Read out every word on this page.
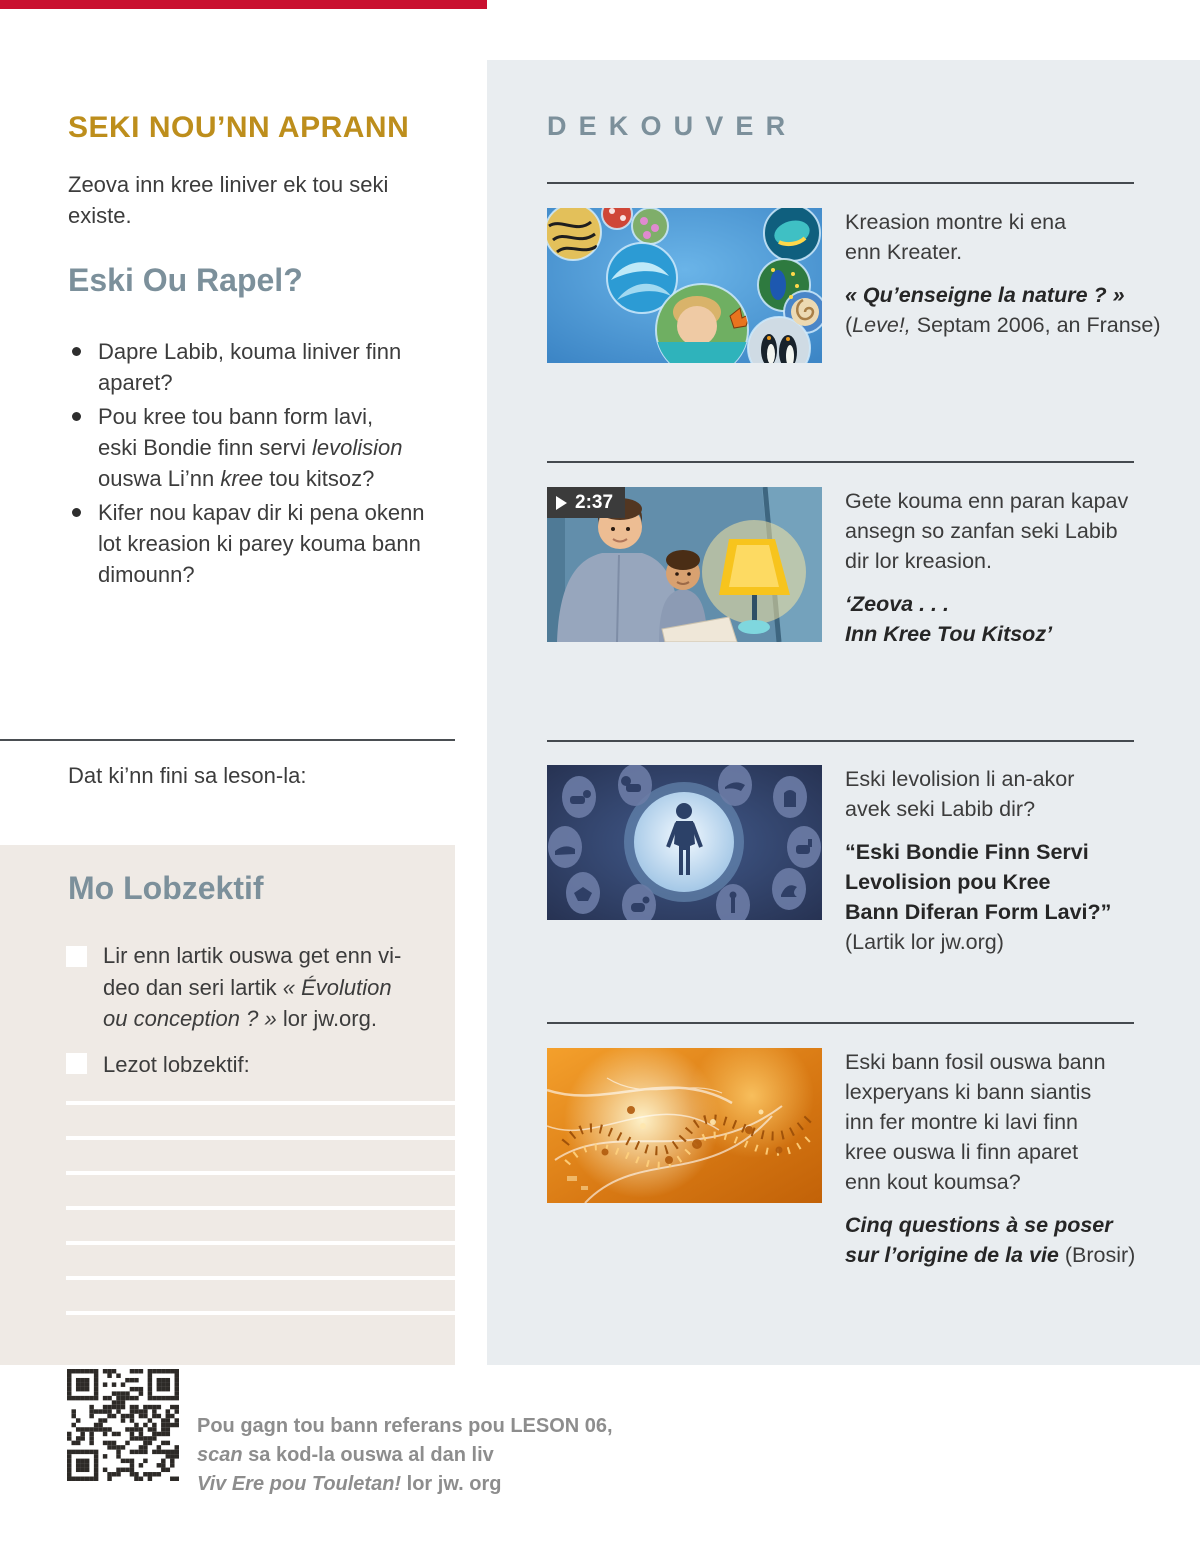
SEKI NOU’NN APRANN
Zeova inn kree liniver ek tou seki
existe.
Eski Ou Rapel?
Dapre Labib, kouma liniver finn
aparet?
Pou kree tou bann form lavi,
eski Bondie finn servi levolision
ouswa Li’nn kree tou kitsoz?
Kifer nou kapav dir ki pena okenn
lot kreasion ki parey kouma bann
dimounn?
Dat ki’nn fini sa leson-la:
Mo Lobzektif
Lir enn lartik ouswa get enn vi-
deo dan seri lartik « Évolution
ou conception ? » lor jw.org.
Lezot lobzektif:
Pou gagn tou bann referans pou LESON 06,
scan sa kod-la ouswa al dan liv
Viv Ere pou Touletan! lor jw. org
DEKOUVER
2:37
Kreasion montre ki ena
enn Kreater.
« Qu’enseigne la nature ? »
(Leve!, Septam 2006, an Franse)
Gete kouma enn paran kapav
ansegn so zanfan seki Labib
dir lor kreasion.
‘Zeova . . .
Inn Kree Tou Kitsoz’
Eski levolision li an-akor
avek seki Labib dir?
“Eski Bondie Finn Servi
Levolision pou Kree
Bann Diferan Form Lavi?”
(Lartik lor jw.org)
Eski bann fosil ouswa bann
lexperyans ki bann siantis
inn fer montre ki lavi finn
kree ouswa li finn aparet
enn kout koumsa?
Cinq questions à se poser
sur l’origine de la vie (Brosir)
